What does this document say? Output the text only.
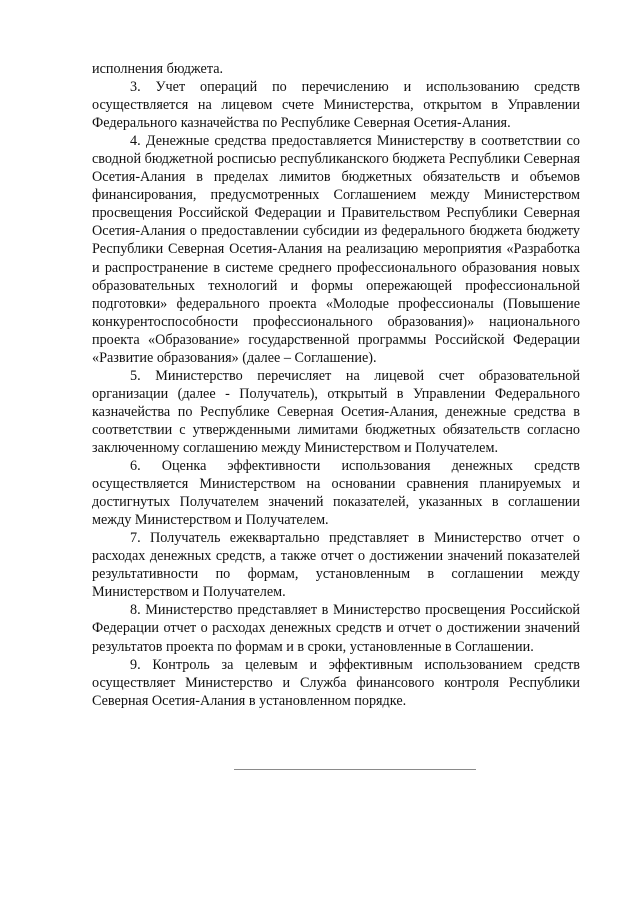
исполнения бюджета.

3. Учет операций по перечислению и использованию средств осуществляется на лицевом счете Министерства, открытом в Управлении Федерального казначейства по Республике Северная Осетия-Алания.

4. Денежные средства предоставляется Министерству в соответствии со сводной бюджетной росписью республиканского бюджета Республики Северная Осетия-Алания в пределах лимитов бюджетных обязательств и объемов финансирования, предусмотренных Соглашением между Министерством просвещения Российской Федерации и Правительством Республики Северная Осетия-Алания о предоставлении субсидии из федерального бюджета бюджету Республики Северная Осетия-Алания на реализацию мероприятия «Разработка и распространение в системе среднего профессионального образования новых образовательных технологий и формы опережающей профессиональной подготовки» федерального проекта «Молодые профессионалы (Повышение конкурентоспособности профессионального образования)» национального проекта «Образование» государственной программы Российской Федерации «Развитие образования» (далее – Соглашение).

5. Министерство перечисляет на лицевой счет образовательной организации (далее - Получатель), открытый в Управлении Федерального казначейства по Республике Северная Осетия-Алания, денежные средства в соответствии с утвержденными лимитами бюджетных обязательств согласно заключенному соглашению между Министерством и Получателем.

6. Оценка эффективности использования денежных средств осуществляется Министерством на основании сравнения планируемых и достигнутых Получателем значений показателей, указанных в соглашении между Министерством и Получателем.

7. Получатель ежеквартально представляет в Министерство отчет о расходах денежных средств, а также отчет о достижении значений показателей результативности по формам, установленным в соглашении между Министерством и Получателем.

8. Министерство представляет в Министерство просвещения Российской Федерации отчет о расходах денежных средств и отчет о достижении значений результатов проекта по формам и в сроки, установленные в Соглашении.

9. Контроль за целевым и эффективным использованием средств осуществляет Министерство и Служба финансового контроля Республики Северная Осетия-Алания в установленном порядке.
